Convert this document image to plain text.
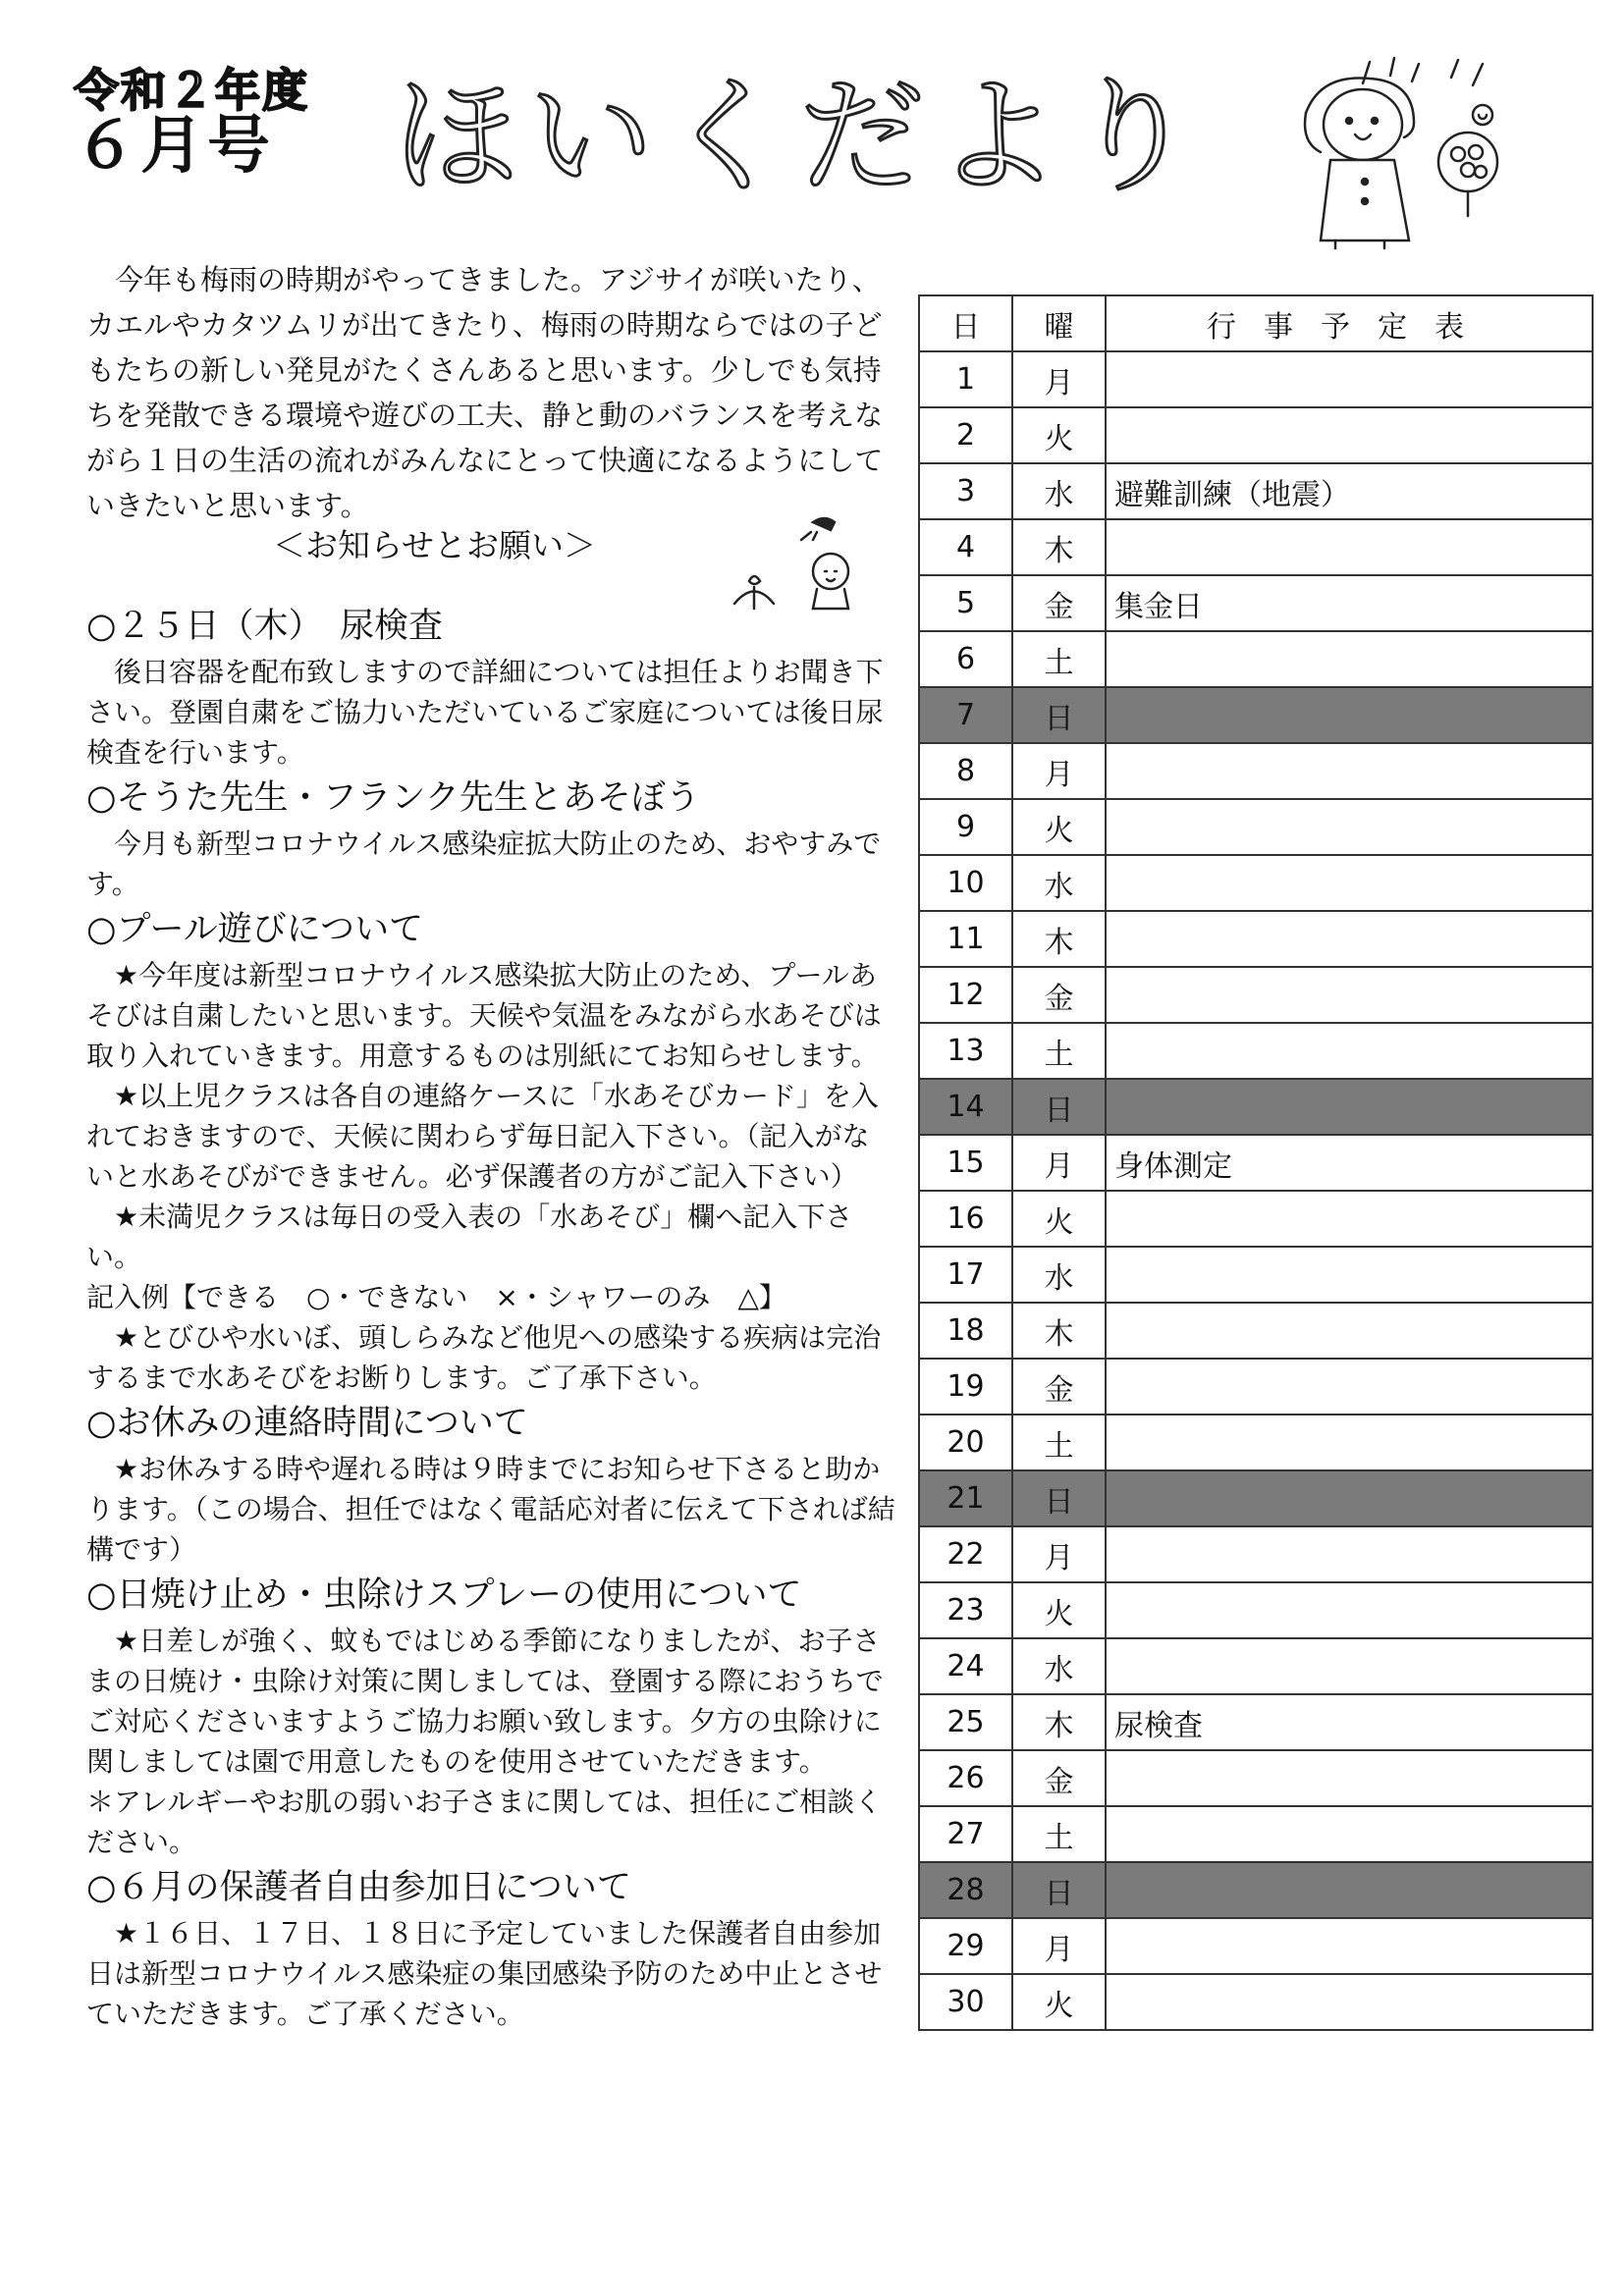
令和２年度
６月号 ほいくだより
今年も梅雨の時期がやってきました。アジサイが咲いたり、カエルやカタツムリが出てきたり、梅雨の時期ならではの子どもたちの新しい発見がたくさんあると思います。少しでも気持ちを発散できる環境や遊びの工夫、静と動のバランスを考えながら１日の生活の流れがみんなにとって快適になるようにしていきたいと思います。
＜お知らせとお願い＞

○２５日（木）　尿検査

後日容器を配布致しますので詳細については担任よりお聞き下さい。登園自粛をご協力いただいているご家庭については後日尿検査を行います。

○そうた先生・フランク先生とあそぼう

今月も新型コロナウイルス感染症拡大防止のため、おやすみです。

○プール遊びについて

★今年度は新型コロナウイルス感染拡大防止のため、プールあそびは自粛したいと思います。天候や気温をみながら水あそびは取り入れていきます。用意するものは別紙にてお知らせします。

★以上児クラスは各自の連絡ケースに「水あそびカード」を入れておきますので、天候に関わらず毎日記入下さい。（記入がないと水あそびができません。必ず保護者の方がご記入下さい）

★未満児クラスは毎日の受入表の「水あそび」欄へ記入下さい。

記入例【できる　○・できない　×・シャワーのみ　△】

★とびひや水いぼ、頭しらみなど他児への感染する疾病は完治するまで水あそびをお断りします。ご了承下さい。

○お休みの連絡時間について

★お休みする時や遅れる時は９時までにお知らせ下さると助かります。（この場合、担任ではなく電話応対者に伝えて下されば結構です）

○日焼け止め・虫除けスプレーの使用について

★日差しが強く、蚊もではじめる季節になりましたが、お子さまの日焼け・虫除け対策に関しましては、登園する際におうちでご対応くださいますようご協力お願い致します。夕方の虫除けに関しましては園で用意したものを使用させていただきます。

＊アレルギーやお肌の弱いお子さまに関しては、担任にご相談ください。

○６月の保護者自由参加日について

★１６日、１７日、１８日に予定していました保護者自由参加日は新型コロナウイルス感染症の集団感染予防のため中止とさせていただきます。ご了承ください。

日	曜	行事予定表
1	月	
2	火	
3	水	避難訓練（地震）
4	木	
5	金	集金日
6	土	
7	日	
8	月	
9	火	
10	水	
11	木	
12	金	
13	土	
14	日	
15	月	身体測定
16	火	
17	水	
18	木	
19	金	
20	土	
21	日	
22	月	
23	火	
24	水	
25	木	尿検査
26	金	
27	土	
28	日	
29	月	
30	火	
